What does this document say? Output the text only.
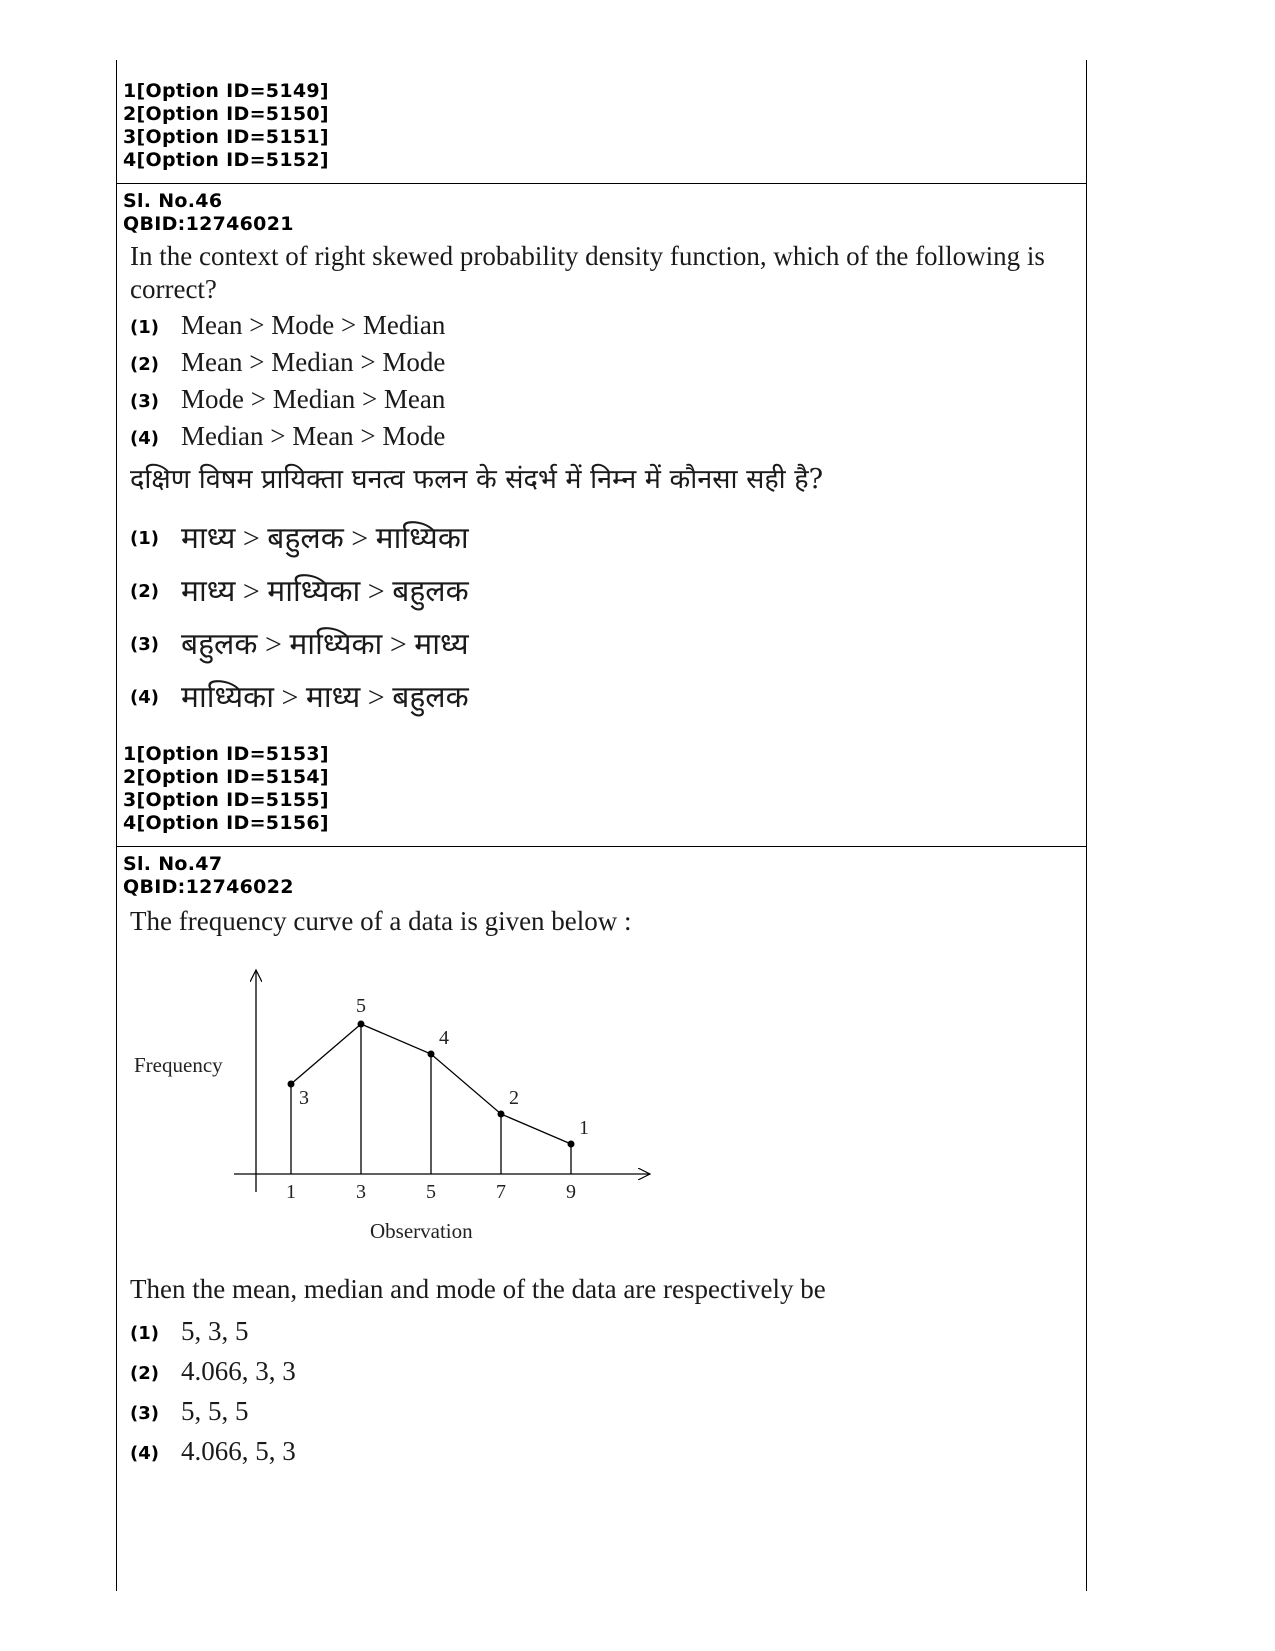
1[Option ID=5149]
2[Option ID=5150]
3[Option ID=5151]
4[Option ID=5152]
Sl. No.46
QBID:12746021
In the context of right skewed probability density function, which of the following is correct?
(1) Mean > Mode > Median
(2) Mean > Median > Mode
(3) Mode > Median > Mean
(4) Median > Mean > Mode
दक्षिण विषम प्रायिक्ता घनत्व फलन के संदर्भ में निम्न में कौनसा सही है?
(1) माध्य > बहुलक > माध्यिका
(2) माध्य > माध्यिका > बहुलक
(3) बहुलक > माध्यिका > माध्य
(4) माध्यिका > माध्य > बहुलक
1[Option ID=5153]
2[Option ID=5154]
3[Option ID=5155]
4[Option ID=5156]
Sl. No.47
QBID:12746022
The frequency curve of a data is given below :
Frequency
Observation
3
5
4
2
1
1	3	5	7	9
Then the mean, median and mode of the data are respectively be
(1) 5, 3, 5
(2) 4.066, 3, 3
(3) 5, 5, 5
(4) 4.066, 5, 3
